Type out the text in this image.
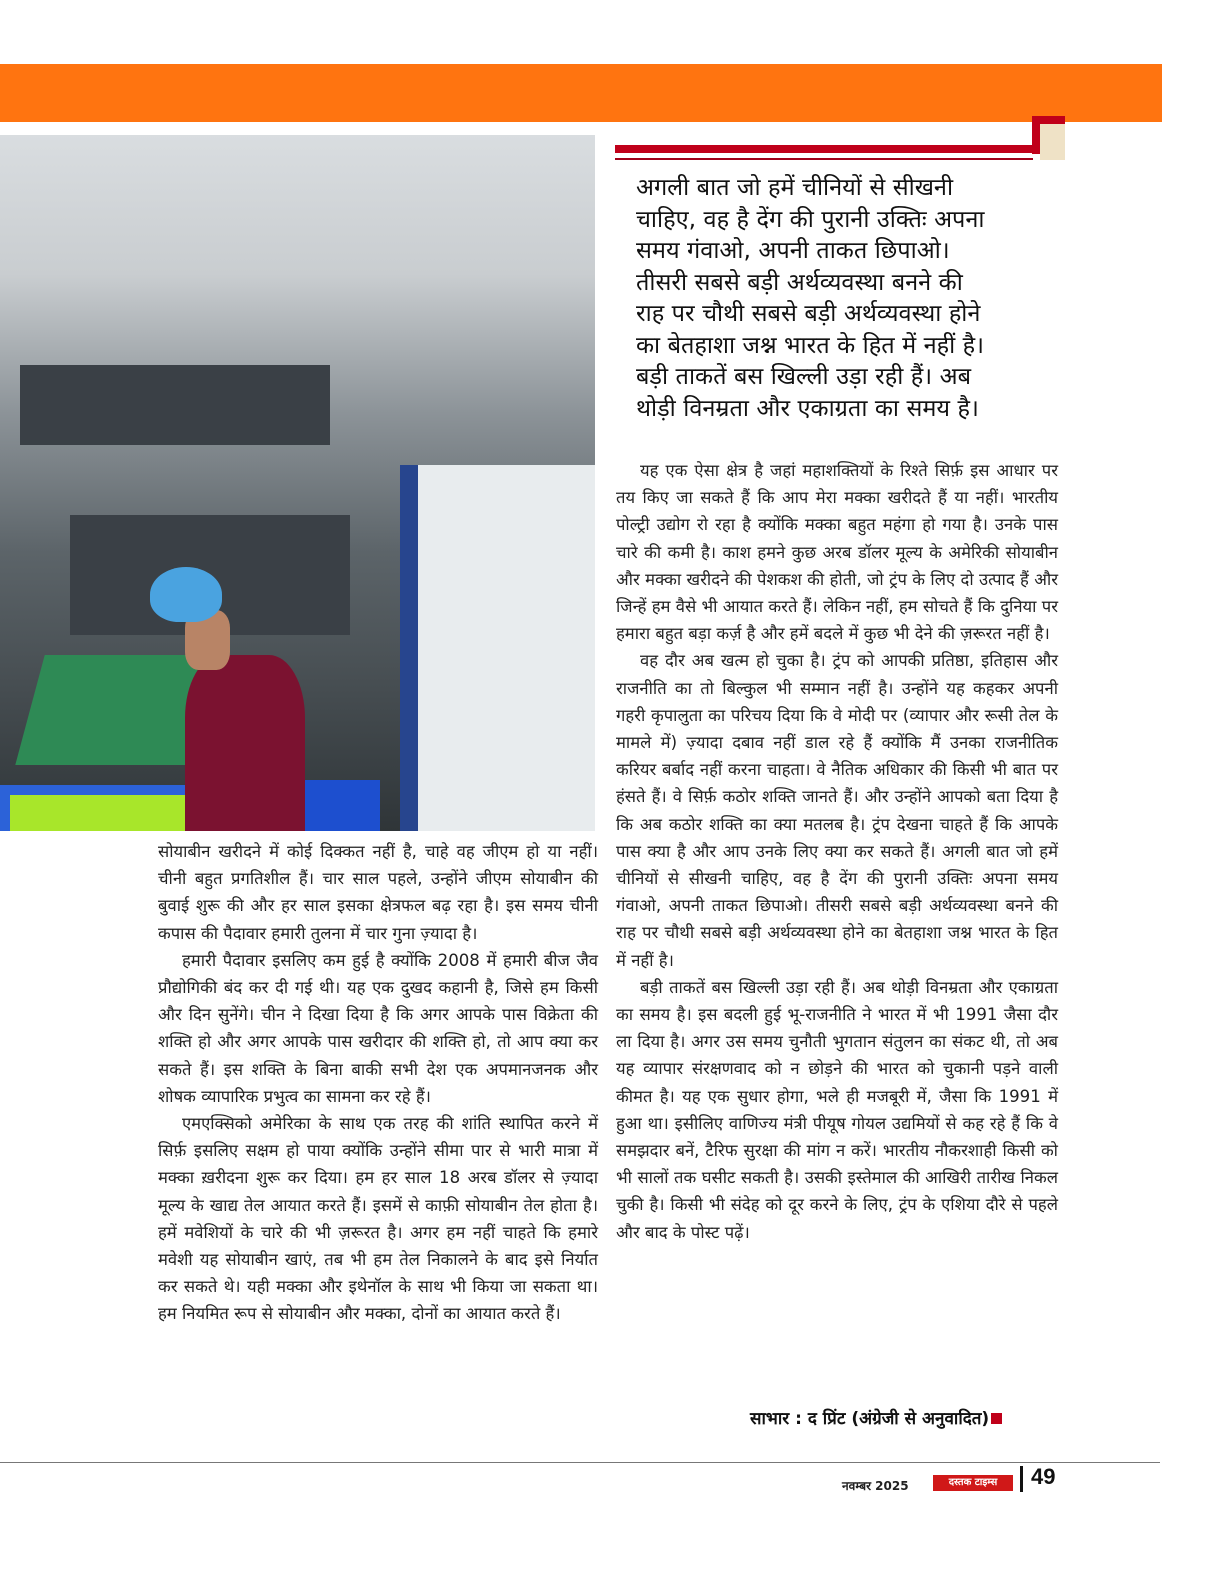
अगली बात जो हमें चीनियों से सीखनी
चाहिए, वह है देंग की पुरानी उक्तिः अपना
समय गंवाओ, अपनी ताकत छिपाओ।
तीसरी सबसे बड़ी अर्थव्यवस्था बनने की
राह पर चौथी सबसे बड़ी अर्थव्यवस्था होने
का बेतहाशा जश्न भारत के हित में नहीं है।
बड़ी ताकतें बस खिल्ली उड़ा रही हैं। अब
थोड़ी विनम्रता और एकाग्रता का समय है।

सोयाबीन खरीदने में कोई दिक्कत नहीं है, चाहे वह जीएम हो या नहीं। चीनी बहुत प्रगतिशील हैं। चार साल पहले, उन्होंने जीएम सोयाबीन की बुवाई शुरू की और हर साल इसका क्षेत्रफल बढ़ रहा है। इस समय चीनी कपास की पैदावार हमारी तुलना में चार गुना ज़्यादा है।

हमारी पैदावार इसलिए कम हुई है क्योंकि 2008 में हमारी बीज जैव प्रौद्योगिकी बंद कर दी गई थी। यह एक दुखद कहानी है, जिसे हम किसी और दिन सुनेंगे। चीन ने दिखा दिया है कि अगर आपके पास विक्रेता की शक्ति हो और अगर आपके पास खरीदार की शक्ति हो, तो आप क्या कर सकते हैं। इस शक्ति के बिना बाकी सभी देश एक अपमानजनक और शोषक व्यापारिक प्रभुत्व का सामना कर रहे हैं।

एमएक्सिको अमेरिका के साथ एक तरह की शांति स्थापित करने में सिर्फ़ इसलिए सक्षम हो पाया क्योंकि उन्होंने सीमा पार से भारी मात्रा में मक्का ख़रीदना शुरू कर दिया। हम हर साल 18 अरब डॉलर से ज़्यादा मूल्य के खाद्य तेल आयात करते हैं। इसमें से काफ़ी सोयाबीन तेल होता है। हमें मवेशियों के चारे की भी ज़रूरत है। अगर हम नहीं चाहते कि हमारे मवेशी यह सोयाबीन खाएं, तब भी हम तेल निकालने के बाद इसे निर्यात कर सकते थे। यही मक्का और इथेनॉल के साथ भी किया जा सकता था। हम नियमित रूप से सोयाबीन और मक्का, दोनों का आयात करते हैं।

यह एक ऐसा क्षेत्र है जहां महाशक्तियों के रिश्ते सिर्फ़ इस आधार पर तय किए जा सकते हैं कि आप मेरा मक्का खरीदते हैं या नहीं। भारतीय पोल्ट्री उद्योग रो रहा है क्योंकि मक्का बहुत महंगा हो गया है। उनके पास चारे की कमी है। काश हमने कुछ अरब डॉलर मूल्य के अमेरिकी सोयाबीन और मक्का खरीदने की पेशकश की होती, जो ट्रंप के लिए दो उत्पाद हैं और जिन्हें हम वैसे भी आयात करते हैं। लेकिन नहीं, हम सोचते हैं कि दुनिया पर हमारा बहुत बड़ा कर्ज़ है और हमें बदले में कुछ भी देने की ज़रूरत नहीं है।

वह दौर अब खत्म हो चुका है। ट्रंप को आपकी प्रतिष्ठा, इतिहास और राजनीति का तो बिल्कुल भी सम्मान नहीं है। उन्होंने यह कहकर अपनी गहरी कृपालुता का परिचय दिया कि वे मोदी पर (व्यापार और रूसी तेल के मामले में) ज़्यादा दबाव नहीं डाल रहे हैं क्योंकि मैं उनका राजनीतिक करियर बर्बाद नहीं करना चाहता। वे नैतिक अधिकार की किसी भी बात पर हंसते हैं। वे सिर्फ़ कठोर शक्ति जानते हैं। और उन्होंने आपको बता दिया है कि अब कठोर शक्ति का क्या मतलब है। ट्रंप देखना चाहते हैं कि आपके पास क्या है और आप उनके लिए क्या कर सकते हैं। अगली बात जो हमें चीनियों से सीखनी चाहिए, वह है देंग की पुरानी उक्तिः अपना समय गंवाओ, अपनी ताकत छिपाओ। तीसरी सबसे बड़ी अर्थव्यवस्था बनने की राह पर चौथी सबसे बड़ी अर्थव्यवस्था होने का बेतहाशा जश्न भारत के हित में नहीं है।

बड़ी ताकतें बस खिल्ली उड़ा रही हैं। अब थोड़ी विनम्रता और एकाग्रता का समय है। इस बदली हुई भू-राजनीति ने भारत में भी 1991 जैसा दौर ला दिया है। अगर उस समय चुनौती भुगतान संतुलन का संकट थी, तो अब यह व्यापार संरक्षणवाद को न छोड़ने की भारत को चुकानी पड़ने वाली कीमत है। यह एक सुधार होगा, भले ही मजबूरी में, जैसा कि 1991 में हुआ था। इसीलिए वाणिज्य मंत्री पीयूष गोयल उद्यमियों से कह रहे हैं कि वे समझदार बनें, टैरिफ सुरक्षा की मांग न करें। भारतीय नौकरशाही किसी को भी सालों तक घसीट सकती है। उसकी इस्तेमाल की आखिरी तारीख निकल चुकी है। किसी भी संदेह को दूर करने के लिए, ट्रंप के एशिया दौरे से पहले और बाद के पोस्ट पढ़ें।

साभार : द प्रिंट (अंग्रेजी से अनुवादित)
नवम्बर 2025	दस्तक टाइम्स	49
